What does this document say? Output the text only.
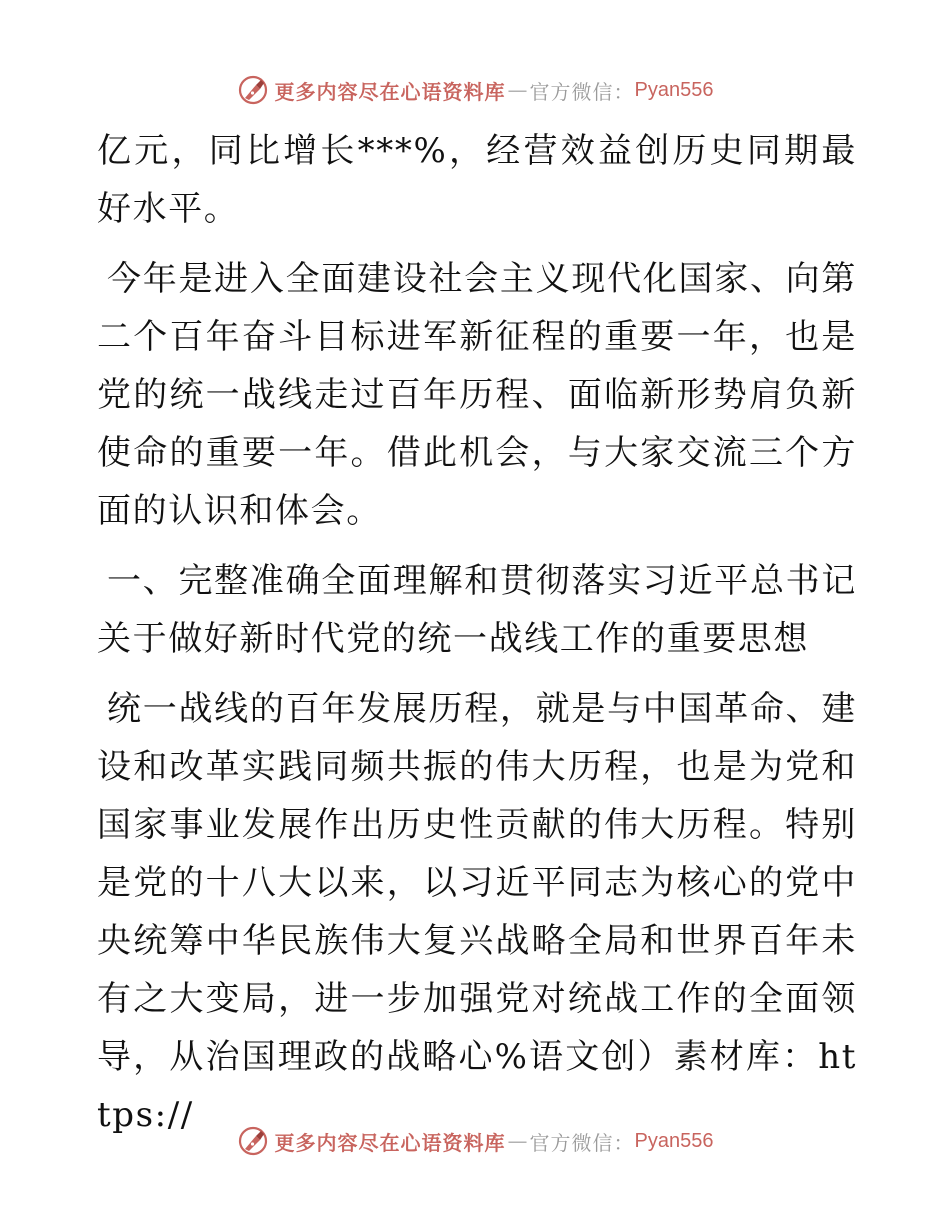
更多内容尽在心语资料库 — 官方微信： Pyan556

亿元，同比增长***%，经营效益创历史同期最好水平。

今年是进入全面建设社会主义现代化国家、向第二个百年奋斗目标进军新征程的重要一年，也是党的统一战线走过百年历程、面临新形势肩负新使命的重要一年。借此机会，与大家交流三个方面的认识和体会。

一、完整准确全面理解和贯彻落实习近平总书记关于做好新时代党的统一战线工作的重要思想

统一战线的百年发展历程，就是与中国革命、建设和改革实践同频共振的伟大历程，也是为党和国家事业发展作出历史性贡献的伟大历程。特别是党的十八大以来，以习近平同志为核心的党中央统筹中华民族伟大复兴战略全局和世界百年未有之大变局，进一步加强党对统战工作的全面领导，从治国理政的战略心%语文创）素材库：https://

更多内容尽在心语资料库 — 官方微信： Pyan556
